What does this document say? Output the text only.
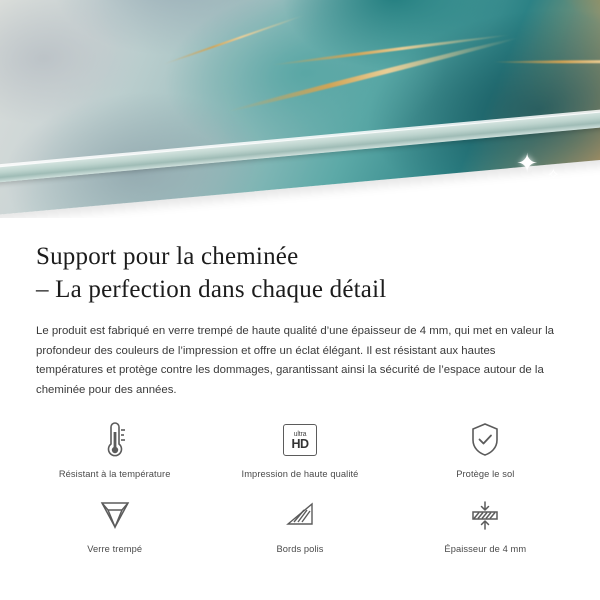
✦ ✧
Support pour la cheminée
– La perfection dans chaque détail

Le produit est fabriqué en verre trempé de haute qualité d’une épaisseur de 4 mm, qui met en valeur la profondeur des couleurs de l’impression et offre un éclat élégant. Il est résistant aux hautes températures et protège contre les dommages, garantissant ainsi la sécurité de l’espace autour de la cheminée pour des années.

Résistant à la température
ultra
HD
Impression de haute qualité	Protège le sol
Verre trempé	Bords polis	Épaisseur de 4 mm
